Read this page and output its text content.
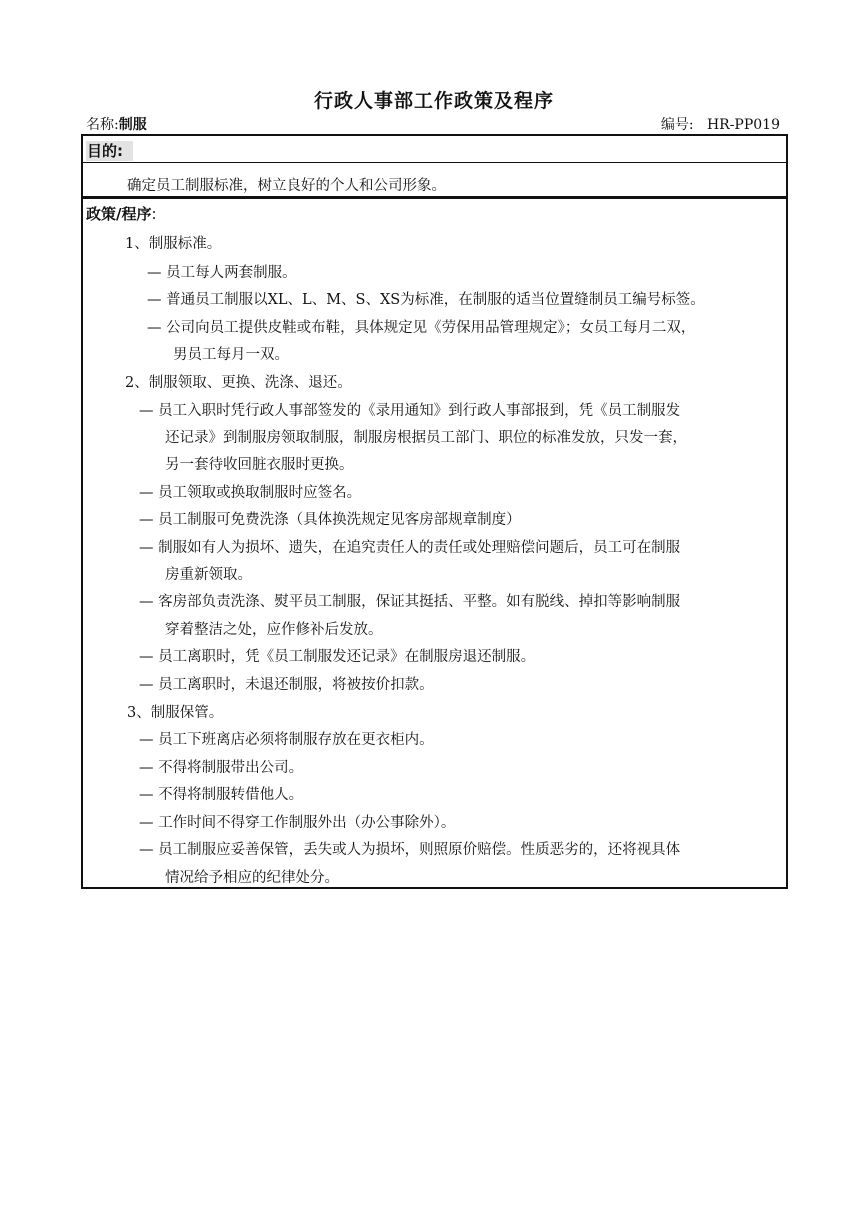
行政人事部工作政策及程序
名称:制服	编号: HR-PP019
目的:
确定员工制服标准，树立良好的个人和公司形象。
政策/程序:
1、制服标准。
— 员工每人两套制服。
— 普通员工制服以XL、L、M、S、XS为标准，在制服的适当位置缝制员工编号标签。
— 公司向员工提供皮鞋或布鞋，具体规定见《劳保用品管理规定》；女员工每月二双，
男员工每月一双。
2、制服领取、更换、洗涤、退还。
— 员工入职时凭行政人事部签发的《录用通知》到行政人事部报到，凭《员工制服发
还记录》到制服房领取制服，制服房根据员工部门、职位的标准发放，只发一套，
另一套待收回脏衣服时更换。
— 员工领取或换取制服时应签名。
— 员工制服可免费洗涤（具体换洗规定见客房部规章制度）
— 制服如有人为损坏、遗失，在追究责任人的责任或处理赔偿问题后，员工可在制服
房重新领取。
— 客房部负责洗涤、熨平员工制服，保证其挺括、平整。如有脱线、掉扣等影响制服
穿着整洁之处，应作修补后发放。
— 员工离职时，凭《员工制服发还记录》在制服房退还制服。
— 员工离职时，未退还制服，将被按价扣款。
3、制服保管。
— 员工下班离店必须将制服存放在更衣柜内。
— 不得将制服带出公司。
— 不得将制服转借他人。
— 工作时间不得穿工作制服外出（办公事除外）。
— 员工制服应妥善保管，丢失或人为损坏，则照原价赔偿。性质恶劣的，还将视具体
情况给予相应的纪律处分。
